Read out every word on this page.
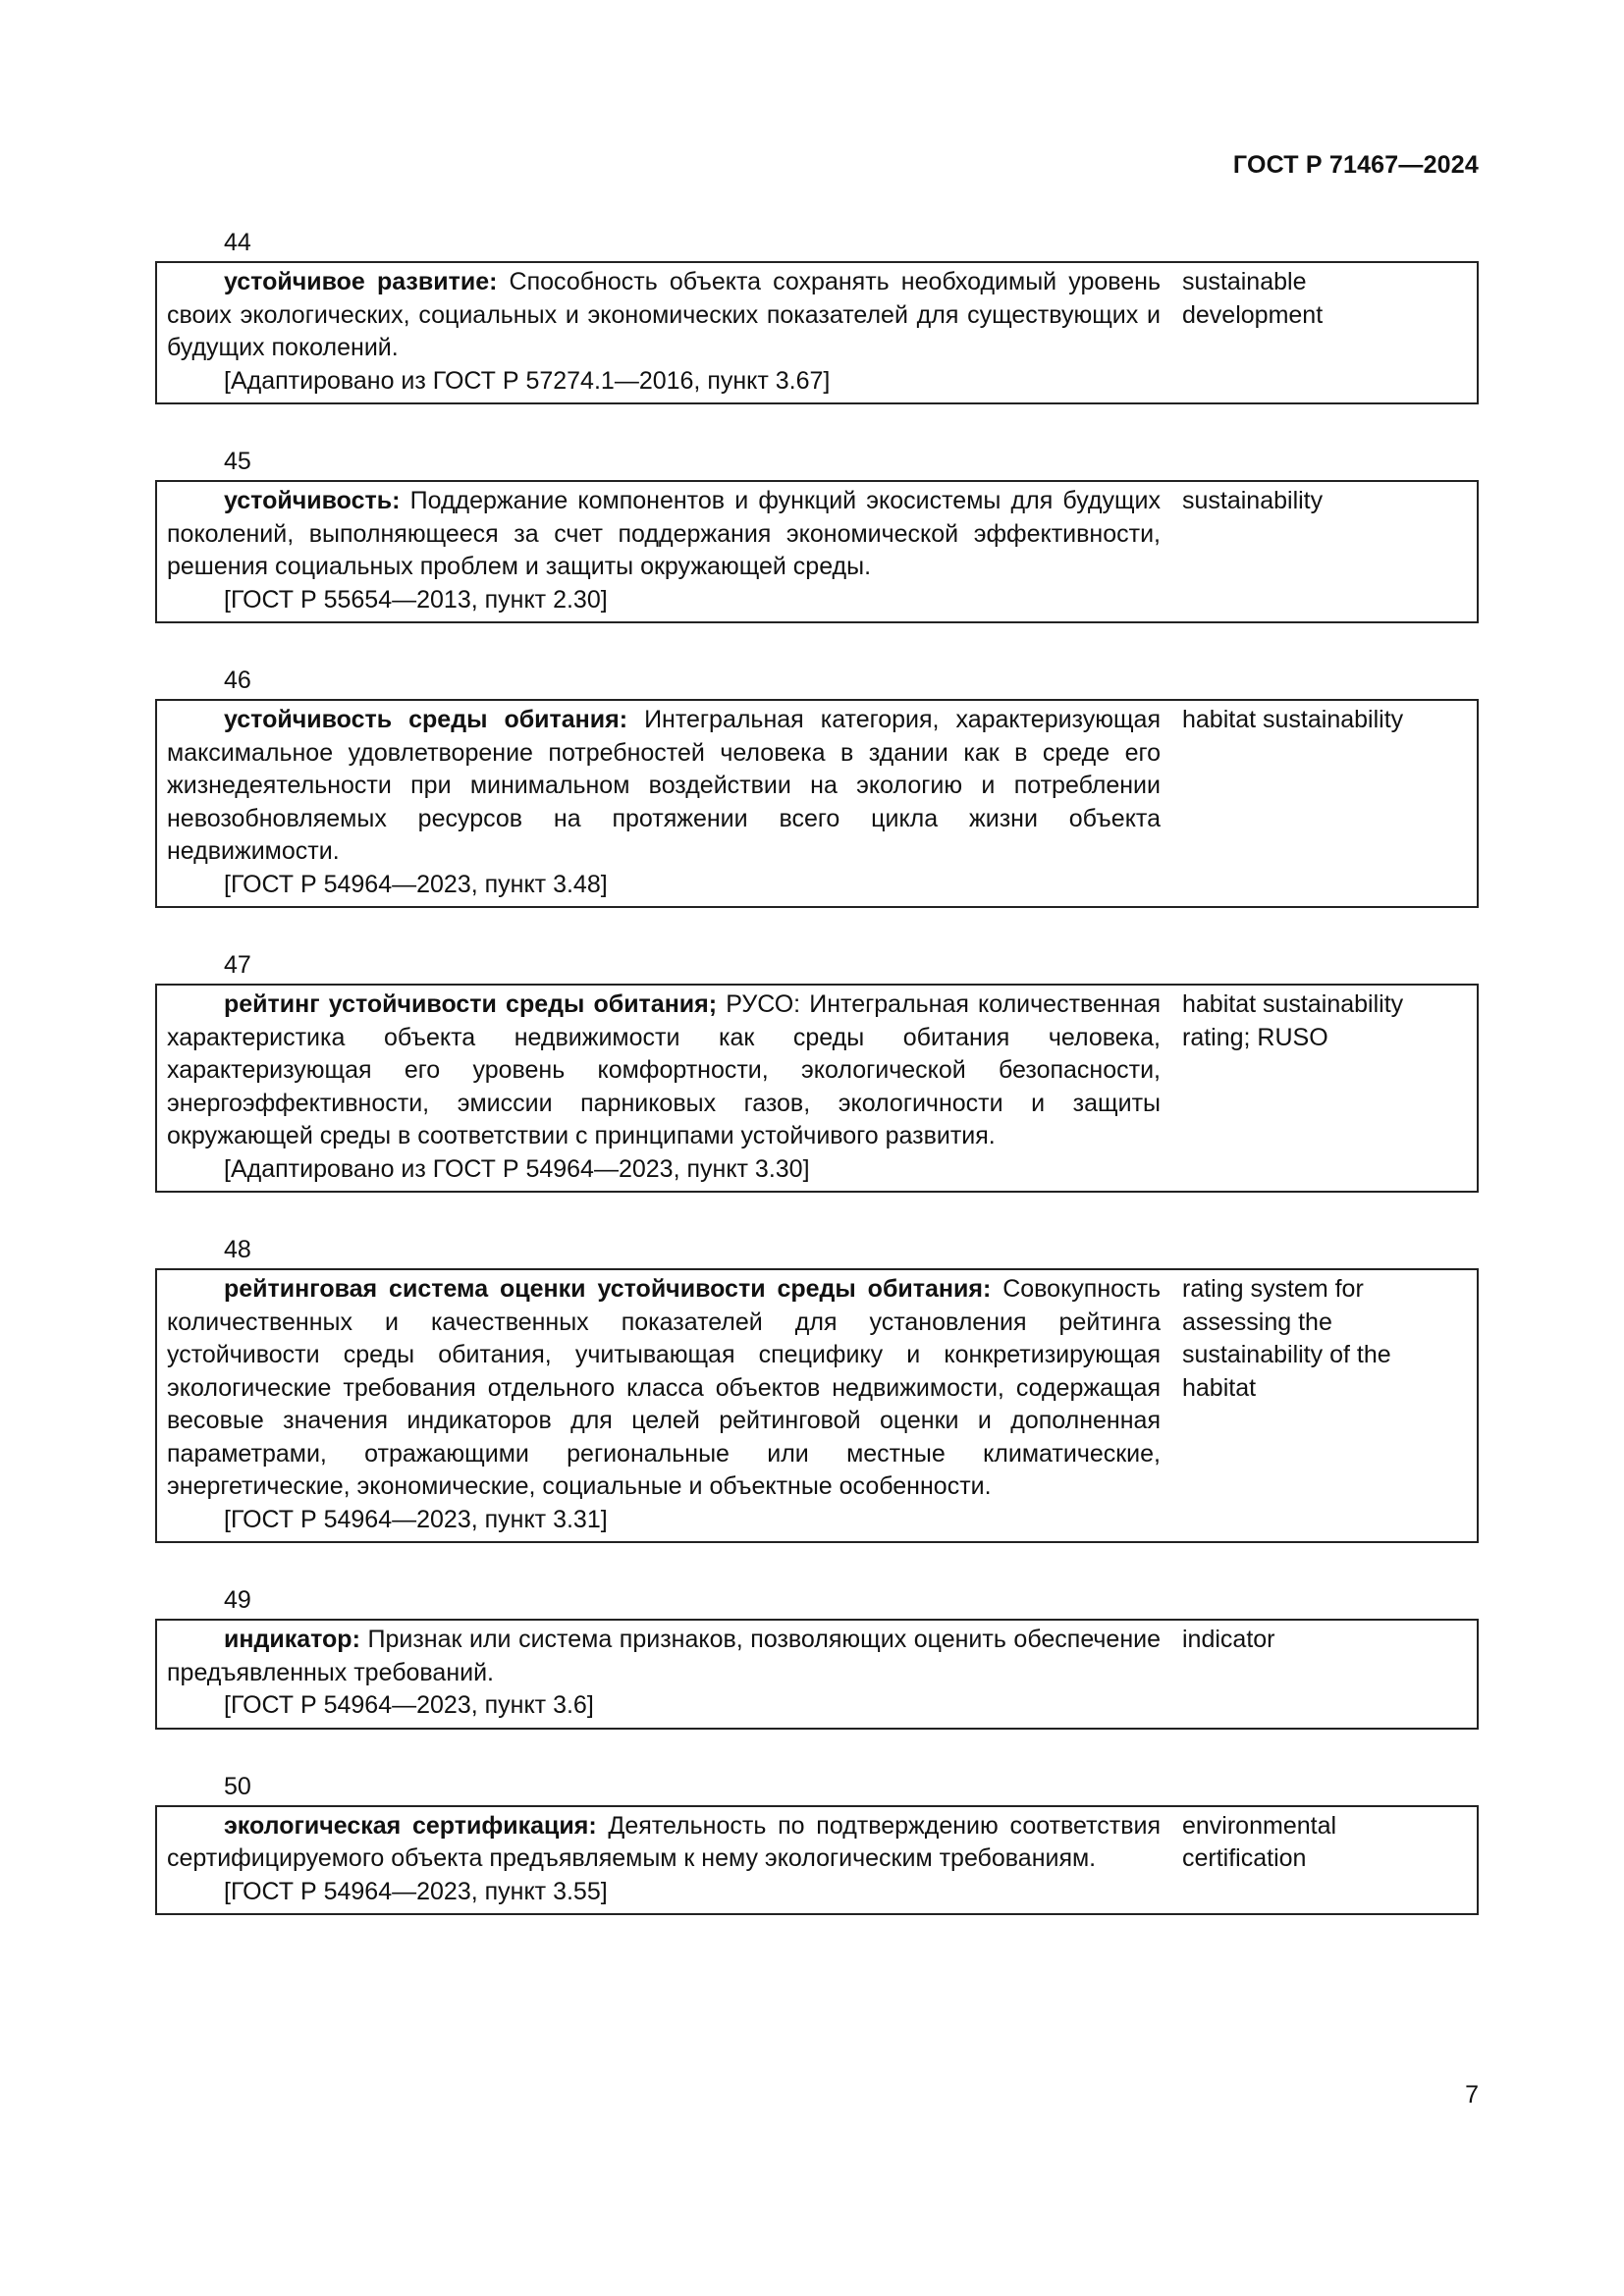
ГОСТ Р 71467—2024
44
устойчивое развитие: Способность объекта сохранять необходимый уровень своих экологических, социальных и экономических показателей для существующих и будущих поколений.
[Адаптировано из ГОСТ Р 57274.1—2016, пункт 3.67]
sustainable
development
45
устойчивость: Поддержание компонентов и функций экосистемы для будущих поколений, выполняющееся за счет поддержания экономической эффективности, решения социальных проблем и защиты окружающей среды.
[ГОСТ Р 55654—2013, пункт 2.30]
sustainability
46
устойчивость среды обитания: Интегральная категория, характеризующая максимальное удовлетворение потребностей человека в здании как в среде его жизнедеятельности при минимальном воздействии на экологию и потреблении невозобновляемых ресурсов на протяжении всего цикла жизни объекта недвижимости.
[ГОСТ Р 54964—2023, пункт 3.48]
habitat sustainability
47
рейтинг устойчивости среды обитания; РУСО: Интегральная количественная характеристика объекта недвижимости как среды обитания человека, характеризующая его уровень комфортности, экологической безопасности, энергоэффективности, эмиссии парниковых газов, экологичности и защиты окружающей среды в соответствии с принципами устойчивого развития.
[Адаптировано из ГОСТ Р 54964—2023, пункт 3.30]
habitat sustainability
rating; RUSO
48
рейтинговая система оценки устойчивости среды обитания: Совокупность количественных и качественных показателей для установления рейтинга устойчивости среды обитания, учитывающая специфику и конкретизирующая экологические требования отдельного класса объектов недвижимости, содержащая весовые значения индикаторов для целей рейтинговой оценки и дополненная параметрами, отражающими региональные или местные климатические, энергетические, экономические, социальные и объектные особенности.
[ГОСТ Р 54964—2023, пункт 3.31]
rating system for
assessing the
sustainability of the
habitat
49
индикатор: Признак или система признаков, позволяющих оценить обеспечение предъявленных требований.
[ГОСТ Р 54964—2023, пункт 3.6]
indicator
50
экологическая сертификация: Деятельность по подтверждению соответствия сертифицируемого объекта предъявляемым к нему экологическим требованиям.
[ГОСТ Р 54964—2023, пункт 3.55]
environmental
certification
7
